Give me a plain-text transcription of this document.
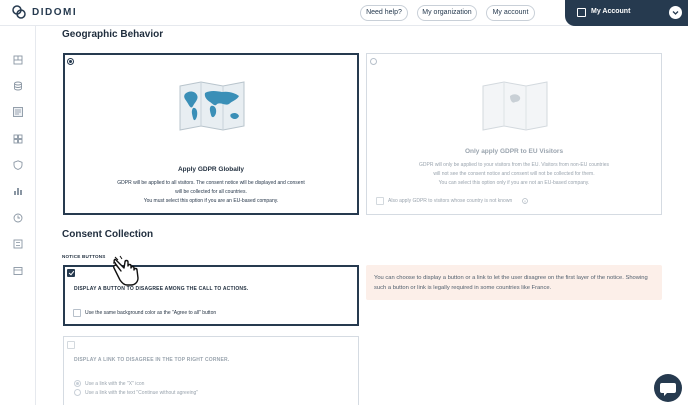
DIDOMI	Need help?	My organization	My account	My Account
Geographic Behavior
Apply GDPR Globally
GDPR will be applied to all visitors. The consent notice will be displayed and consent
will be collected for all countries.
You must select this option if you are an EU-based company.
Only apply GDPR to EU Visitors
GDPR will only be applied to your visitors from the EU. Visitors from non-EU countries
will not see the consent notice and consent will not be collected for them.
You can select this option only if you are not an EU-based company.
Also apply GDPR to visitors whose country is not known
Consent Collection
NOTICE BUTTONS
DISPLAY A BUTTON TO DISAGREE AMONG THE CALL TO ACTIONS.
Use the same background color as the "Agree to all" button
DISPLAY A LINK TO DISAGREE IN THE TOP RIGHT CORNER.
Use a link with the "X" icon
Use a link with the text "Continue without agreeing"
You can choose to display a button or a link to let the user disagree on the first layer of the notice. Showing such a button or link is legally required in some countries like France.
